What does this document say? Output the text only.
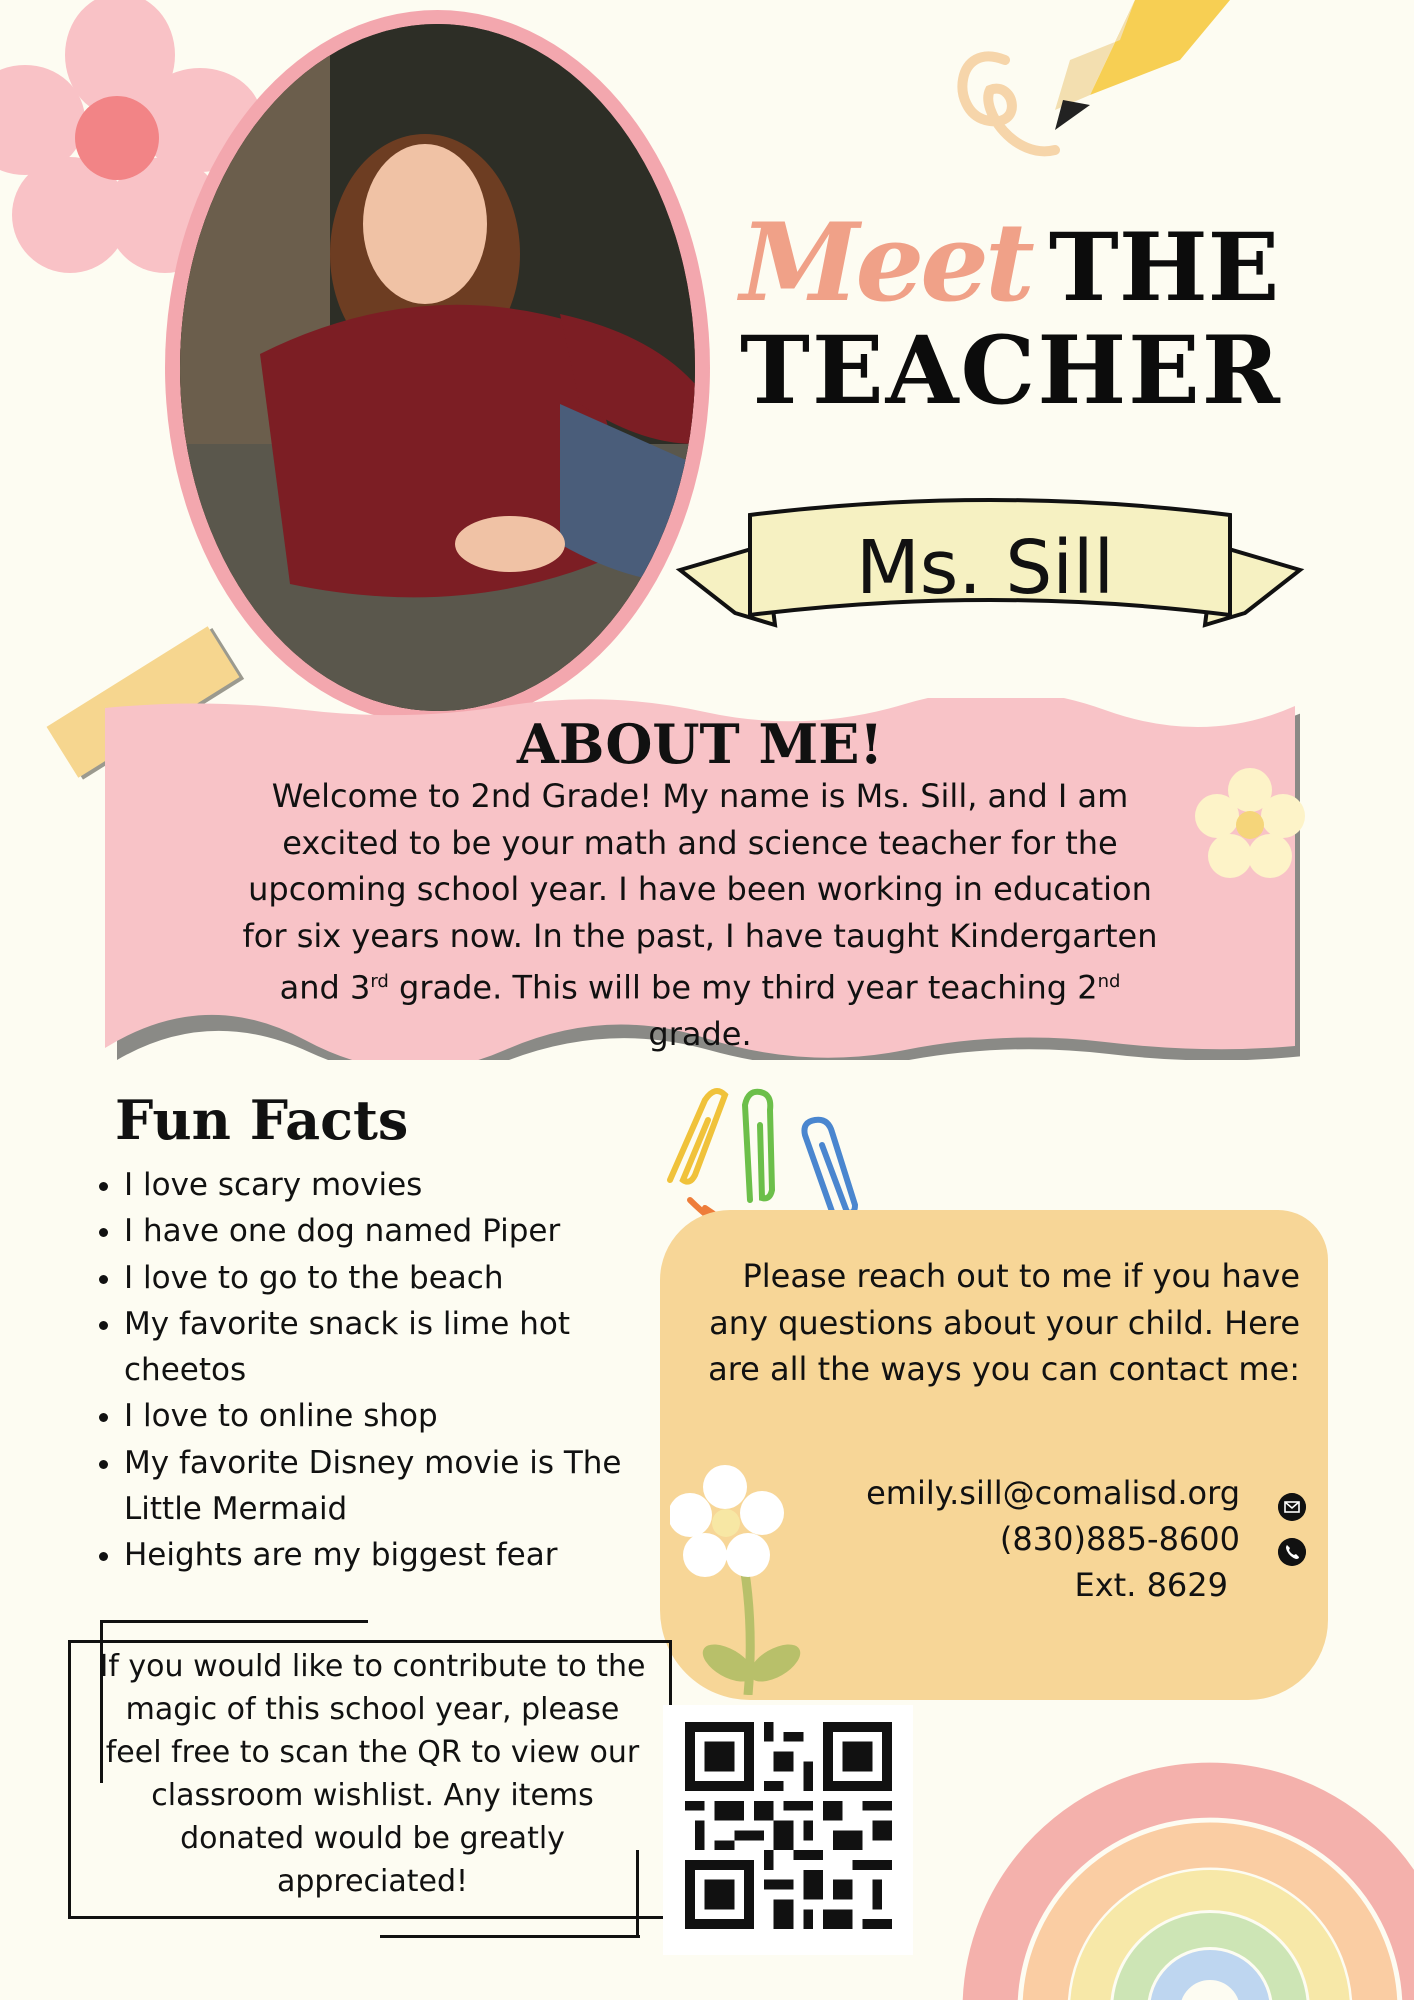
Meet THE
TEACHER
Ms. Sill
ABOUT ME!
Welcome to 2nd Grade! My name is Ms. Sill, and I am
excited to be your math and science teacher for the
upcoming school year. I have been working in education
for six years now. In the past, I have taught Kindergarten
and 3rd grade. This will be my third year teaching 2nd
grade.
Fun Facts
• I love scary movies
• I have one dog named Piper
• I love to go to the beach
• My favorite snack is lime hot cheetos
• I love to online shop
• My favorite Disney movie is The Little Mermaid
• Heights are my biggest fear
Please reach out to me if you have any questions about your child. Here are all the ways you can contact me:
emily.sill@comalisd.org
(830)885-8600
Ext. 8629
If you would like to contribute to the magic of this school year, please feel free to scan the QR to view our classroom wishlist. Any items donated would be greatly appreciated!
